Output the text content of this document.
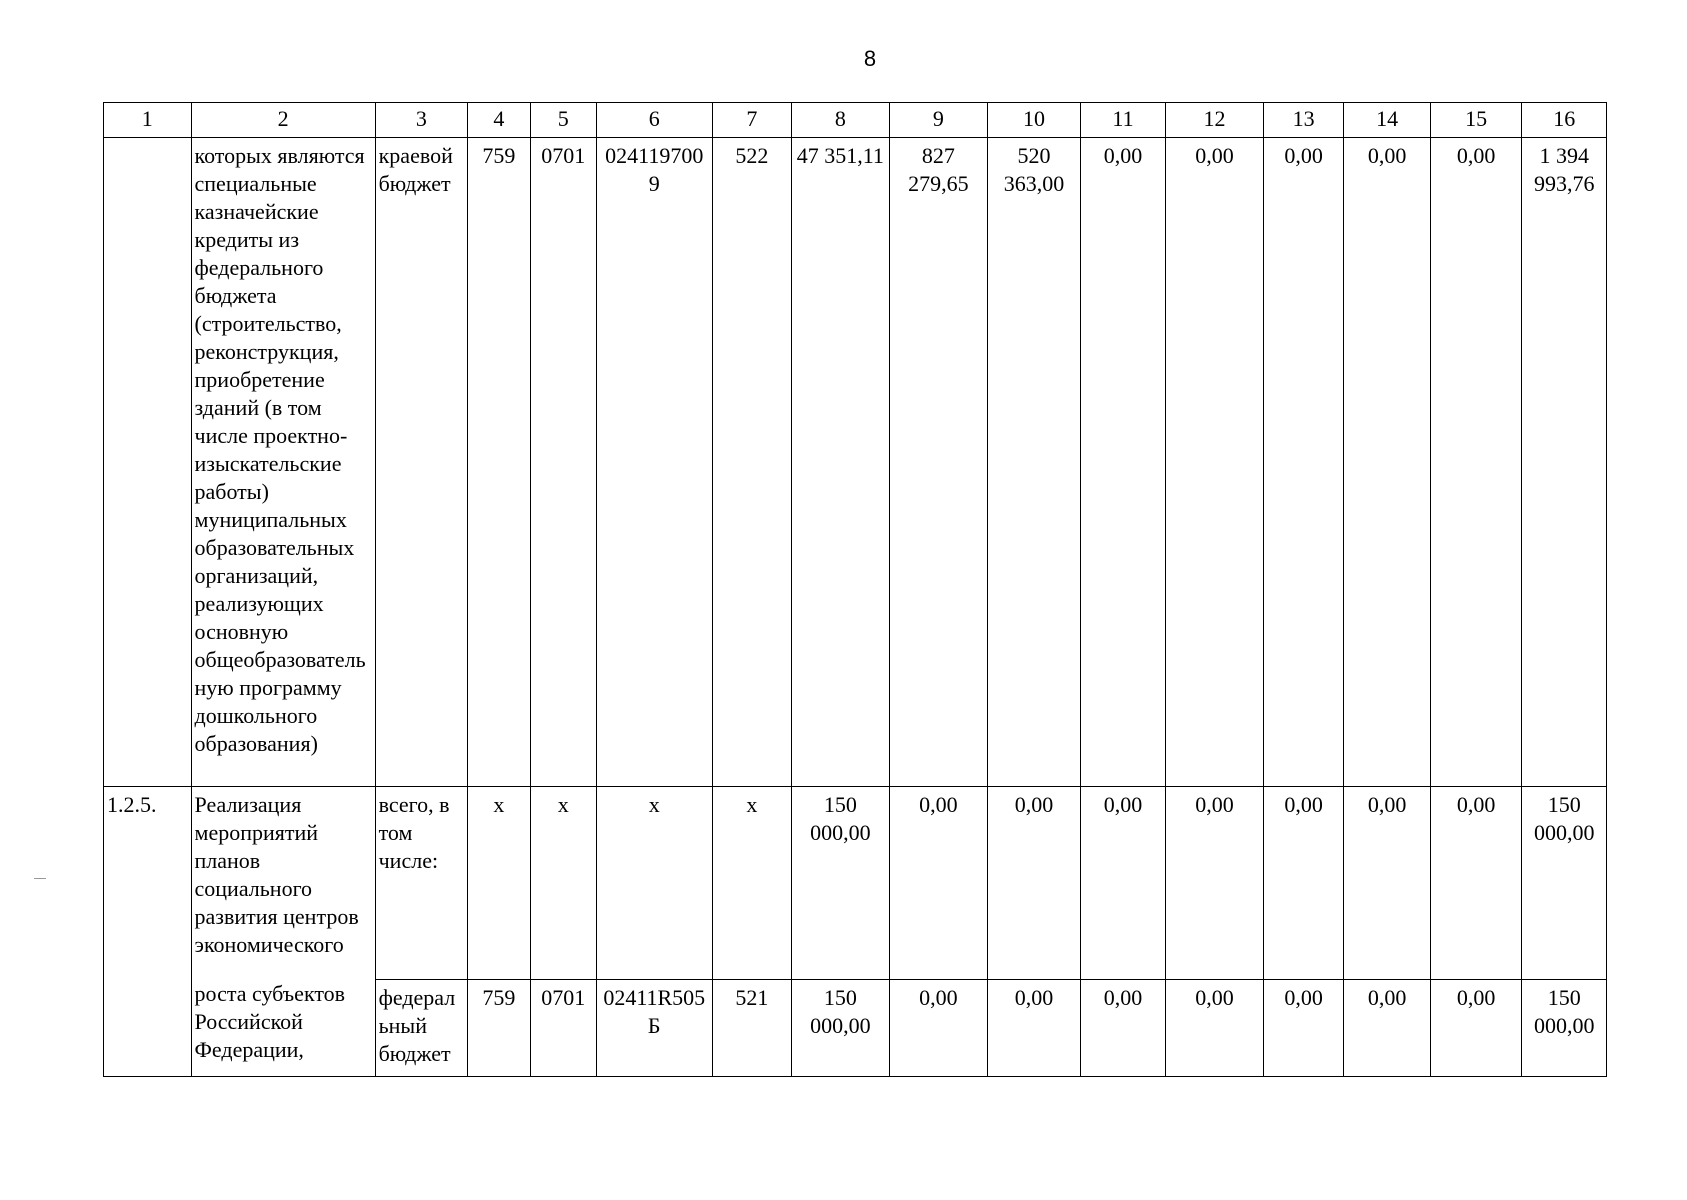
8
1	2	3	4	5	6	7	8	9	10	11	12	13	14	15	16
	которых являются специальные казначейские кредиты из федерального бюджета (строительство, реконструкция, приобретение зданий (в том числе проектно-изыскательские работы) муниципальных образовательных организаций, реализующих основную общеобразовательную программу дошкольного образования)	краевой бюджет	759	0701	0241197009	522	47 351,11	827 279,65	520 363,00	0,00	0,00	0,00	0,00	0,00	1 394 993,76
1.2.5.	Реализация мероприятий планов социального развития центров экономического	всего, в том числе:	х	х	х	х	150 000,00	0,00	0,00	0,00	0,00	0,00	0,00	0,00	150 000,00
	роста субъектов Российской Федерации,	федеральный бюджет	759	0701	02411R505Б	521	150 000,00	0,00	0,00	0,00	0,00	0,00	0,00	0,00	150 000,00
